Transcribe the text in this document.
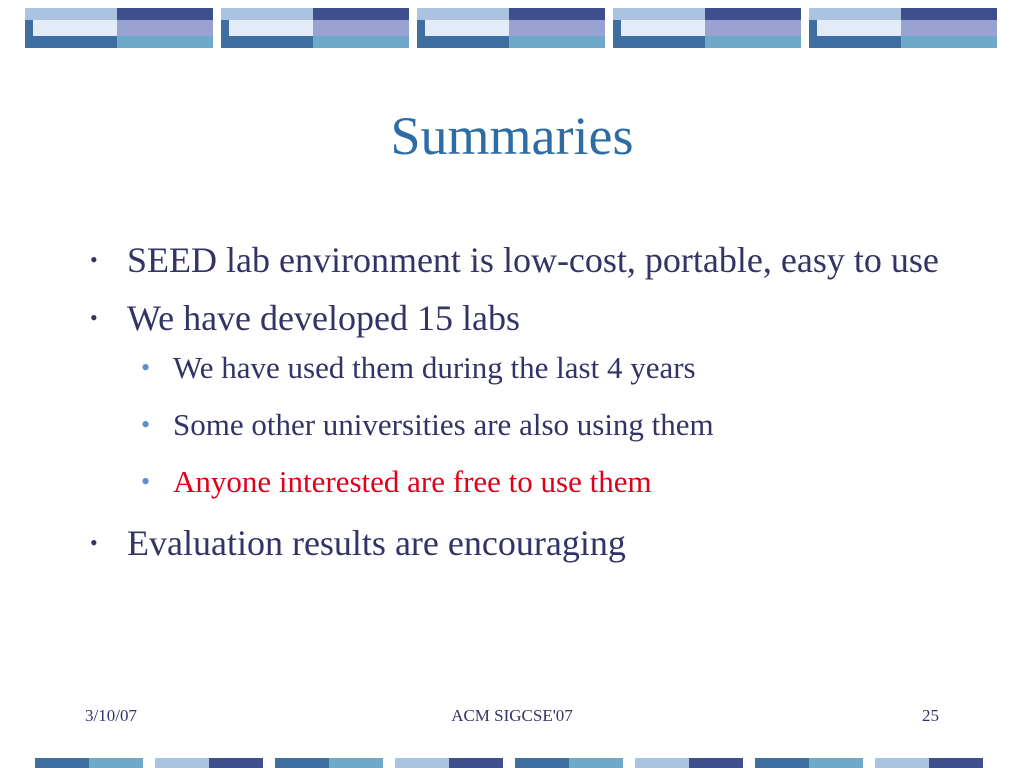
Summaries
• SEED lab environment is low-cost, portable, easy to use
• We have developed 15 labs
• We have used them during the last 4 years
• Some other universities are also using them
• Anyone interested are free to use them
• Evaluation results are encouraging
3/10/07	ACM SIGCSE'07	25
